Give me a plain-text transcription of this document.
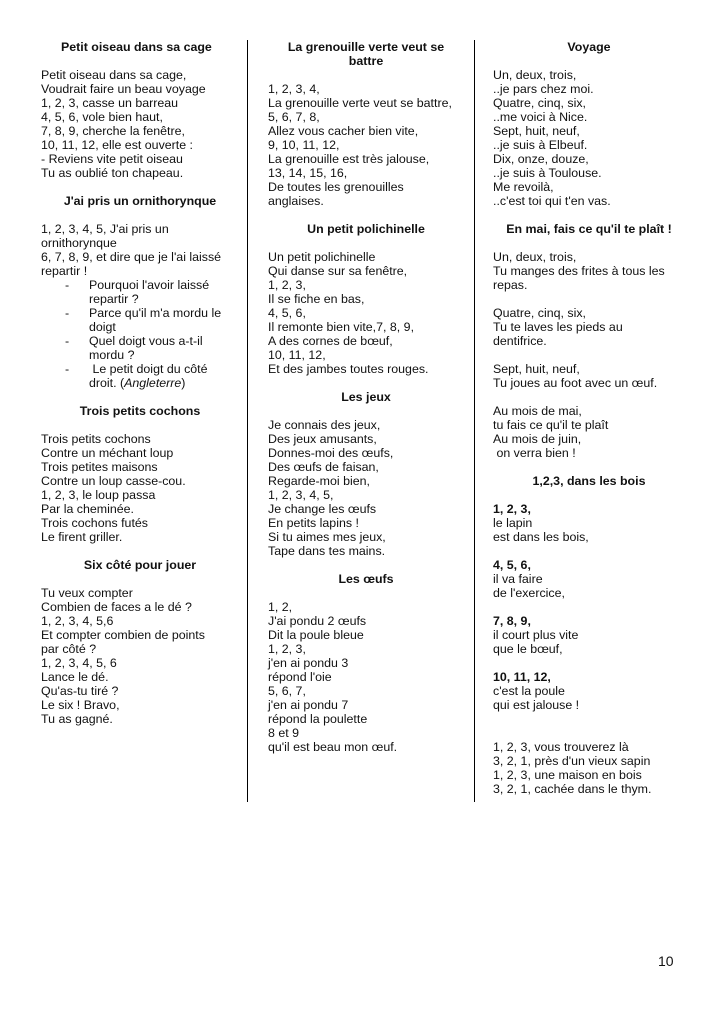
Petit oiseau dans sa cage

Petit oiseau dans sa cage,

Voudrait faire un beau voyage

1, 2, 3, casse un barreau

4, 5, 6, vole bien haut,

7, 8, 9, cherche la fenêtre,

10, 11, 12, elle est ouverte :

- Reviens vite petit oiseau

Tu as oublié ton chapeau.

J'ai pris un ornithorynque

1, 2, 3, 4, 5, J'ai pris un

ornithorynque

6, 7, 8, 9, et dire que je l'ai laissé

repartir !

-	Pourquoi l'avoir laissé
repartir ?
-	Parce qu'il m'a mordu le
doigt
-	Quel doigt vous a-t-il
mordu ?
-	Le petit doigt du côté
droit. (Angleterre)

Trois petits cochons

Trois petits cochons

Contre un méchant loup

Trois petites maisons

Contre un loup casse-cou.

1, 2, 3, le loup passa

Par la cheminée.

Trois cochons futés

Le firent griller.

Six côté pour jouer

Tu veux compter

Combien de faces a le dé ?

1, 2, 3, 4, 5,6

Et compter combien de points

par côté ?

1, 2, 3, 4, 5, 6

Lance le dé.

Qu'as-tu tiré ?

Le six ! Bravo,

Tu as gagné.

La grenouille verte veut se

battre

1, 2, 3, 4,

La grenouille verte veut se battre,

5, 6, 7, 8,

Allez vous cacher bien vite,

9, 10, 11, 12,

La grenouille est très jalouse,

13, 14, 15, 16,

De toutes les grenouilles

anglaises.

Un petit polichinelle

Un petit polichinelle

Qui danse sur sa fenêtre,

1, 2, 3,

Il se fiche en bas,

4, 5, 6,

Il remonte bien vite,7, 8, 9,

A des cornes de bœuf,

10, 11, 12,

Et des jambes toutes rouges.

Les jeux

Je connais des jeux,

Des jeux amusants,

Donnes-moi des œufs,

Des œufs de faisan,

Regarde-moi bien,

1, 2, 3, 4, 5,

Je change les œufs

En petits lapins !

Si tu aimes mes jeux,

Tape dans tes mains.

Les œufs

1, 2,

J'ai pondu 2 œufs

Dit la poule bleue

1, 2, 3,

j'en ai pondu 3

répond l'oie

5, 6, 7,

j'en ai pondu 7

répond la poulette

8 et 9

qu'il est beau mon œuf.

Voyage

Un, deux, trois,

..je pars chez moi.

Quatre, cinq, six,

..me voici à Nice.

Sept, huit, neuf,

..je suis à Elbeuf.

Dix, onze, douze,

..je suis à Toulouse.

Me revoilà,

..c'est toi qui t'en vas.

En mai, fais ce qu'il te plaît !

Un, deux, trois,

Tu manges des frites à tous les

repas.

Quatre, cinq, six,

Tu te laves les pieds au

dentifrice.

Sept, huit, neuf,

Tu joues au foot avec un œuf.

Au mois de mai,

tu fais ce qu'il te plaît

Au mois de juin,

on verra bien !

1,2,3, dans les bois

1, 2, 3,

le lapin

est dans les bois,

4, 5, 6,

il va faire

de l'exercice,

7, 8, 9,

il court plus vite

que le bœuf,

10, 11, 12,

c'est la poule

qui est jalouse !

1, 2, 3, vous trouverez là

3, 2, 1, près d'un vieux sapin

1, 2, 3, une maison en bois

3, 2, 1, cachée dans le thym.

10
